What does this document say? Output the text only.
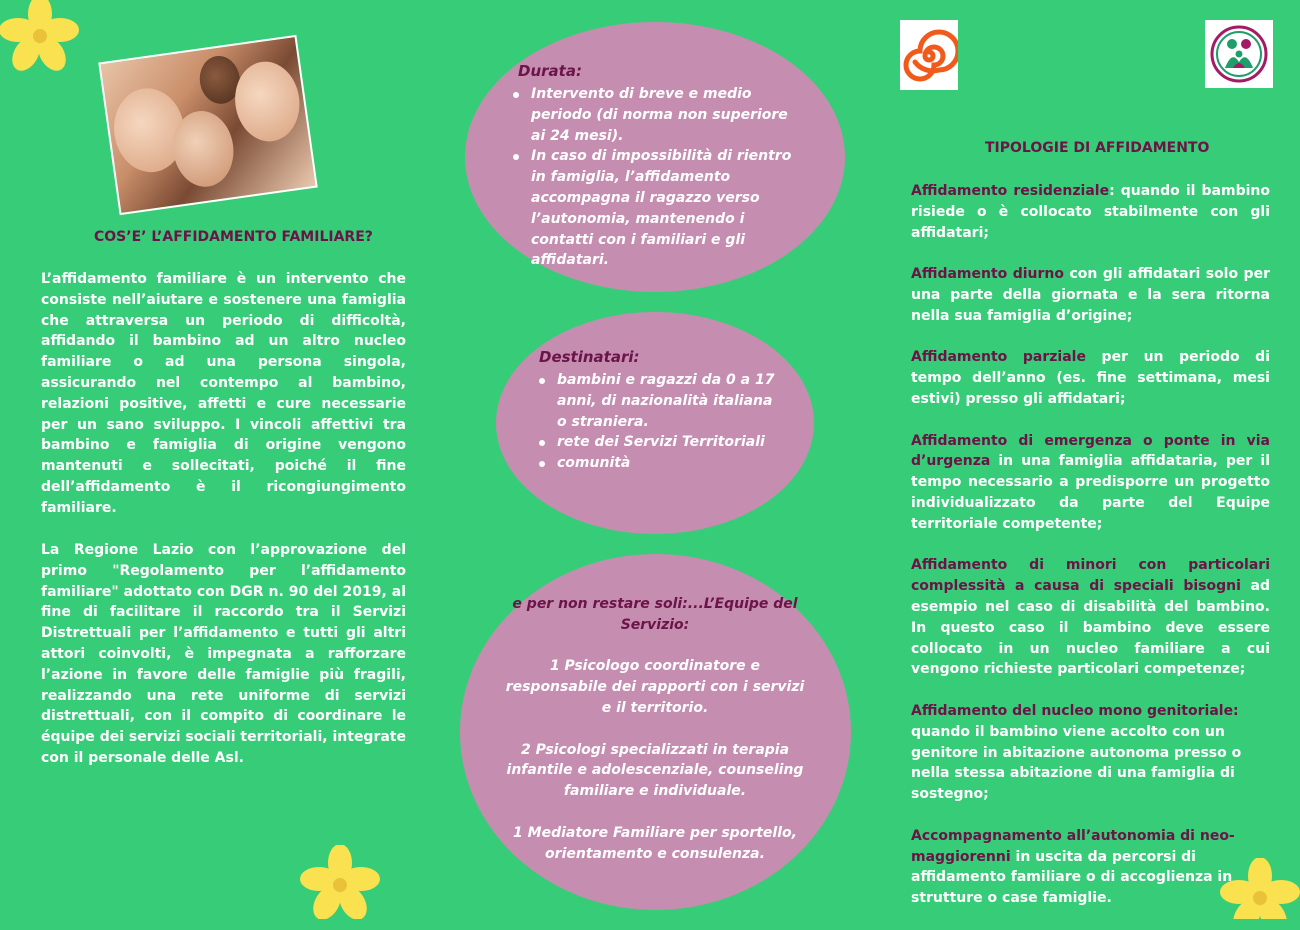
COS’E’ L’AFFIDAMENTO FAMILIARE?

L’affidamento familiare è un intervento che consiste nell’aiutare e sostenere una famiglia che attraversa un periodo di difficoltà, affidando il bambino ad un altro nucleo familiare o ad una persona singola, assicurando nel contempo al bambino, relazioni positive, affetti e cure necessarie per un sano sviluppo. I vincoli affettivi tra bambino e famiglia di origine vengono mantenuti e sollecitati, poiché il fine dell’affidamento è il ricongiungimento familiare.

La Regione Lazio con l’approvazione del primo "Regolamento per l’affidamento familiare" adottato con DGR n. 90 del 2019, al fine di facilitare il raccordo tra il Servizi Distrettuali per l’affidamento e tutti gli altri attori coinvolti, è impegnata a rafforzare l’azione in favore delle famiglie più fragili, realizzando una rete uniforme di servizi distrettuali, con il compito di coordinare le équipe dei servizi sociali territoriali, integrate con il personale delle Asl.

Durata:
Intervento di breve e medio periodo (di norma non superiore ai 24 mesi).
In caso di impossibilità di rientro in famiglia, l’affidamento accompagna il ragazzo verso l’autonomia, mantenendo i contatti con i familiari e gli affidatari.
Destinatari:
bambini e ragazzi da 0 a 17 anni, di nazionalità italiana o straniera.
rete dei Servizi Territoriali
comunità

e per non restare soli:...L’Equipe del Servizio:

1 Psicologo coordinatore e responsabile dei rapporti con i servizi e il territorio.

2 Psicologi specializzati in terapia infantile e adolescenziale, counseling familiare e individuale.

1 Mediatore Familiare per sportello, orientamento e consulenza.

TIPOLOGIE DI AFFIDAMENTO

Affidamento residenziale: quando il bambino risiede o è collocato stabilmente con gli affidatari;

Affidamento diurno con gli affidatari solo per una parte della giornata e la sera ritorna nella sua famiglia d’origine;

Affidamento parziale per un periodo di tempo dell’anno (es. fine settimana, mesi estivi) presso gli affidatari;

Affidamento di emergenza o ponte in via d’urgenza in una famiglia affidataria, per il tempo necessario a predisporre un progetto individualizzato da parte del Equipe territoriale competente;

Affidamento di minori con particolari complessità a causa di speciali bisogni ad esempio nel caso di disabilità del bambino. In questo caso il bambino deve essere collocato in un nucleo familiare a cui vengono richieste particolari competenze;

Affidamento del nucleo mono genitoriale: quando il bambino viene accolto con un genitore in abitazione autonoma presso o nella stessa abitazione di una famiglia di sostegno;

Accompagnamento all’autonomia di neo-maggiorenni in uscita da percorsi di affidamento familiare o di accoglienza in strutture o case famiglie.
